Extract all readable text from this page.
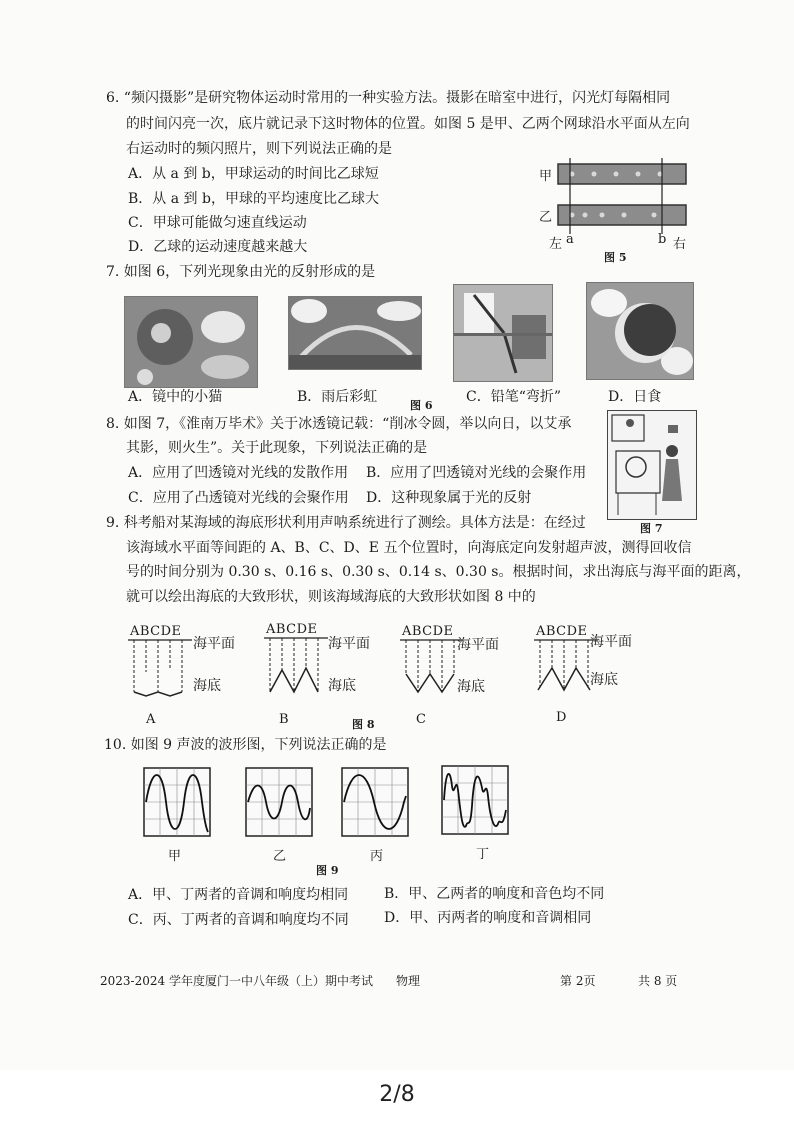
6. “频闪摄影”是研究物体运动时常用的一种实验方法。摄影在暗室中进行，闪光灯每隔相同
的时间闪亮一次，底片就记录下这时物体的位置。如图 5 是甲、乙两个网球沿水平面从左向
右运动时的频闪照片，则下列说法正确的是
A．从 a 到 b，甲球运动的时间比乙球短
B．从 a 到 b，甲球的平均速度比乙球大
C．甲球可能做匀速直线运动
D．乙球的运动速度越来越大
甲
乙
左 a	b 右
图 5
7. 如图 6，下列光现象由光的反射形成的是
A．镜中的小猫	B．雨后彩虹
图 6
C．铅笔“弯折”	D．日食
8. 如图 7，《淮南万毕术》关于冰透镜记载：“削冰令圆，举以向日，以艾承
其影，则火生”。关于此现象，下列说法正确的是
A．应用了凹透镜对光线的发散作用 B．应用了凹透镜对光线的会聚作用
C．应用了凸透镜对光线的会聚作用 D．这种现象属于光的反射
图 7
9. 科考船对某海域的海底形状利用声呐系统进行了测绘。具体方法是：在经过
该海域水平面等间距的 A、B、C、D、E 五个位置时，向海底定向发射超声波，测得回收信
号的时间分别为 0.30 s、0.16 s、0.30 s、0.14 s、0.30 s。根据时间，求出海底与海平面的距离，
就可以绘出海底的大致形状，则该海域海底的大致形状如图 8 中的
ABCDE
海平面
海底
A
ABCDE
海平面
海底
B
ABCDE
海平面
海底
C
ABCDE
海平面
海底
D
图 8
10. 如图 9 声波的波形图，下列说法正确的是
甲	乙	丙	丁
图 9
A．甲、丁两者的音调和响度均相同	B．甲、乙两者的响度和音色均不同
C．丙、丁两者的音调和响度均不同	D．甲、丙两者的响度和音调相同
2023-2024 学年度厦门一中八年级（上）期中考试 物理	第 2页	共 8 页
2/8
